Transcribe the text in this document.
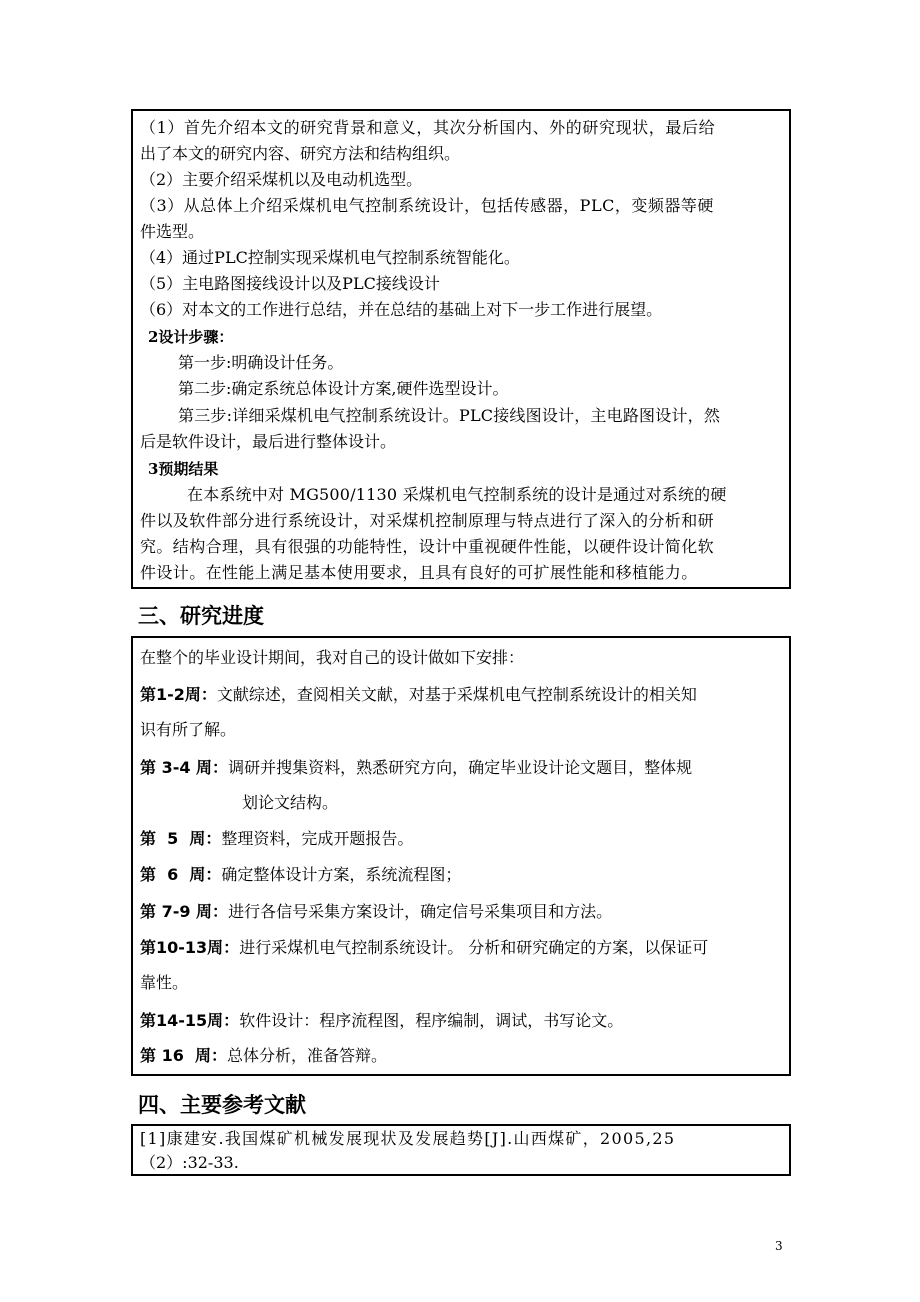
（1）首先介绍本文的研究背景和意义，其次分析国内、外的研究现状，最后给
出了本文的研究内容、研究方法和结构组织。
（2）主要介绍采煤机以及电动机选型。
（3）从总体上介绍采煤机电气控制系统设计，包括传感器，PLC，变频器等硬
件选型。
（4）通过PLC控制实现采煤机电气控制系统智能化。
（5）主电路图接线设计以及PLC接线设计
（6）对本文的工作进行总结，并在总结的基础上对下一步工作进行展望。
2设计步骤：
第一步:明确设计任务。
第二步:确定系统总体设计方案,硬件选型设计。
第三步:详细采煤机电气控制系统设计。PLC接线图设计，主电路图设计，然
后是软件设计，最后进行整体设计。
3预期结果
在本系统中对 MG500/1130 采煤机电气控制系统的设计是通过对系统的硬
件以及软件部分进行系统设计，对采煤机控制原理与特点进行了深入的分析和研
究。结构合理，具有很强的功能特性，设计中重视硬件性能，以硬件设计简化软
件设计。在性能上满足基本使用要求，且具有良好的可扩展性能和移植能力。
三、研究进度
在整个的毕业设计期间，我对自己的设计做如下安排：
第1-2周：文献综述，查阅相关文献，对基于采煤机电气控制系统设计的相关知
识有所了解。
第 3-4 周：调研并搜集资料，熟悉研究方向，确定毕业设计论文题目，整体规
划论文结构。
第  5  周：整理资料，完成开题报告。
第  6  周：确定整体设计方案，系统流程图；
第 7-9 周：进行各信号采集方案设计，确定信号采集项目和方法。
第10-13周：进行采煤机电气控制系统设计。 分析和研究确定的方案，以保证可
靠性。
第14-15周：软件设计：程序流程图，程序编制，调试，书写论文。
第 16  周：总体分析，准备答辩。
四、主要参考文献
[1]康建安.我国煤矿机械发展现状及发展趋势[J].山西煤矿，2005,25
（2）:32-33.
3
